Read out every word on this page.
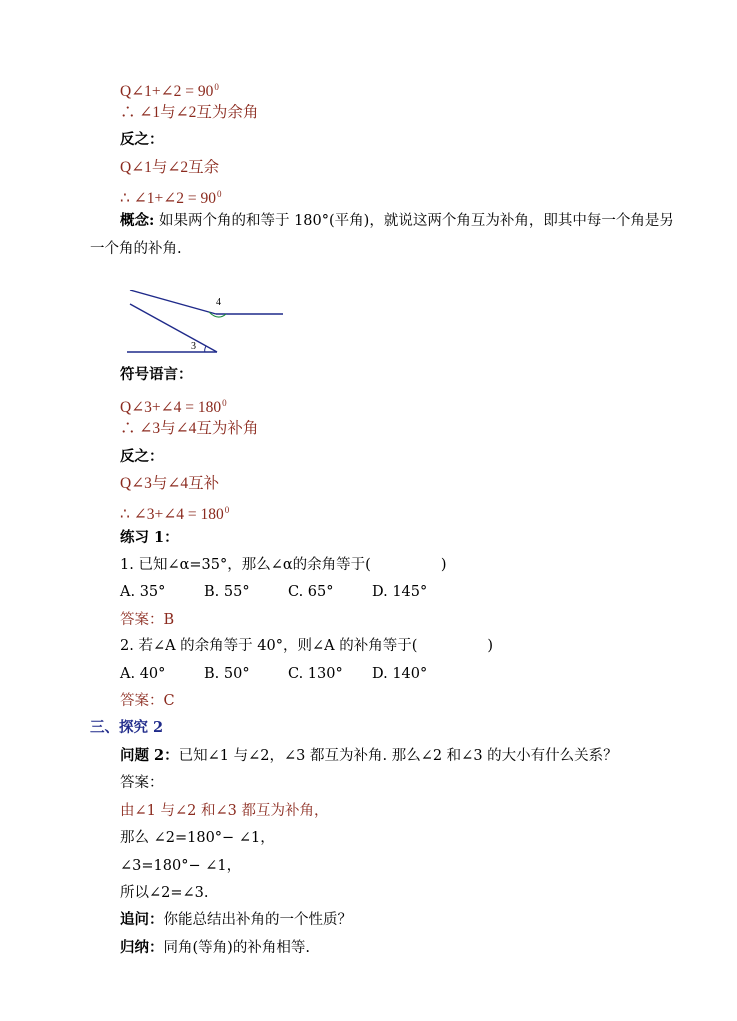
Q∠1+∠2 = $90^0$
∴ ∠1与∠2互为余角
反之：
Q∠1与∠2互余
∴ ∠1+∠2 = $90^0$
概念: 如果两个角的和等于 180°(平角)，就说这两个角互为补角，即其中每一个角是另
一个角的补角.
4
3
符号语言：
Q∠3+∠4 = $180^0$
∴ ∠3与∠4互为补角
反之：
Q∠3与∠4互补
∴ ∠3+∠4 = $180^0$
练习 1：
1. 已知∠α=35°，那么∠α的余角等于(	)
A. 35°	B. 55°	C. 65°	D. 145°
答案：B
2. 若∠A 的余角等于 40°，则∠A 的补角等于(	)
A. 40°	B. 50°	C. 130° D. 140°
答案：C
三、探究 2
问题 2：已知∠1 与∠2，∠3 都互为补角. 那么∠2 和∠3 的大小有什么关系？
答案：
由∠1 与∠2 和∠3 都互为补角，
那么 ∠2=180°− ∠1，
∠3=180°− ∠1，
所以∠2=∠3.
追问：你能总结出补角的一个性质？
归纳：同角(等角)的补角相等.
